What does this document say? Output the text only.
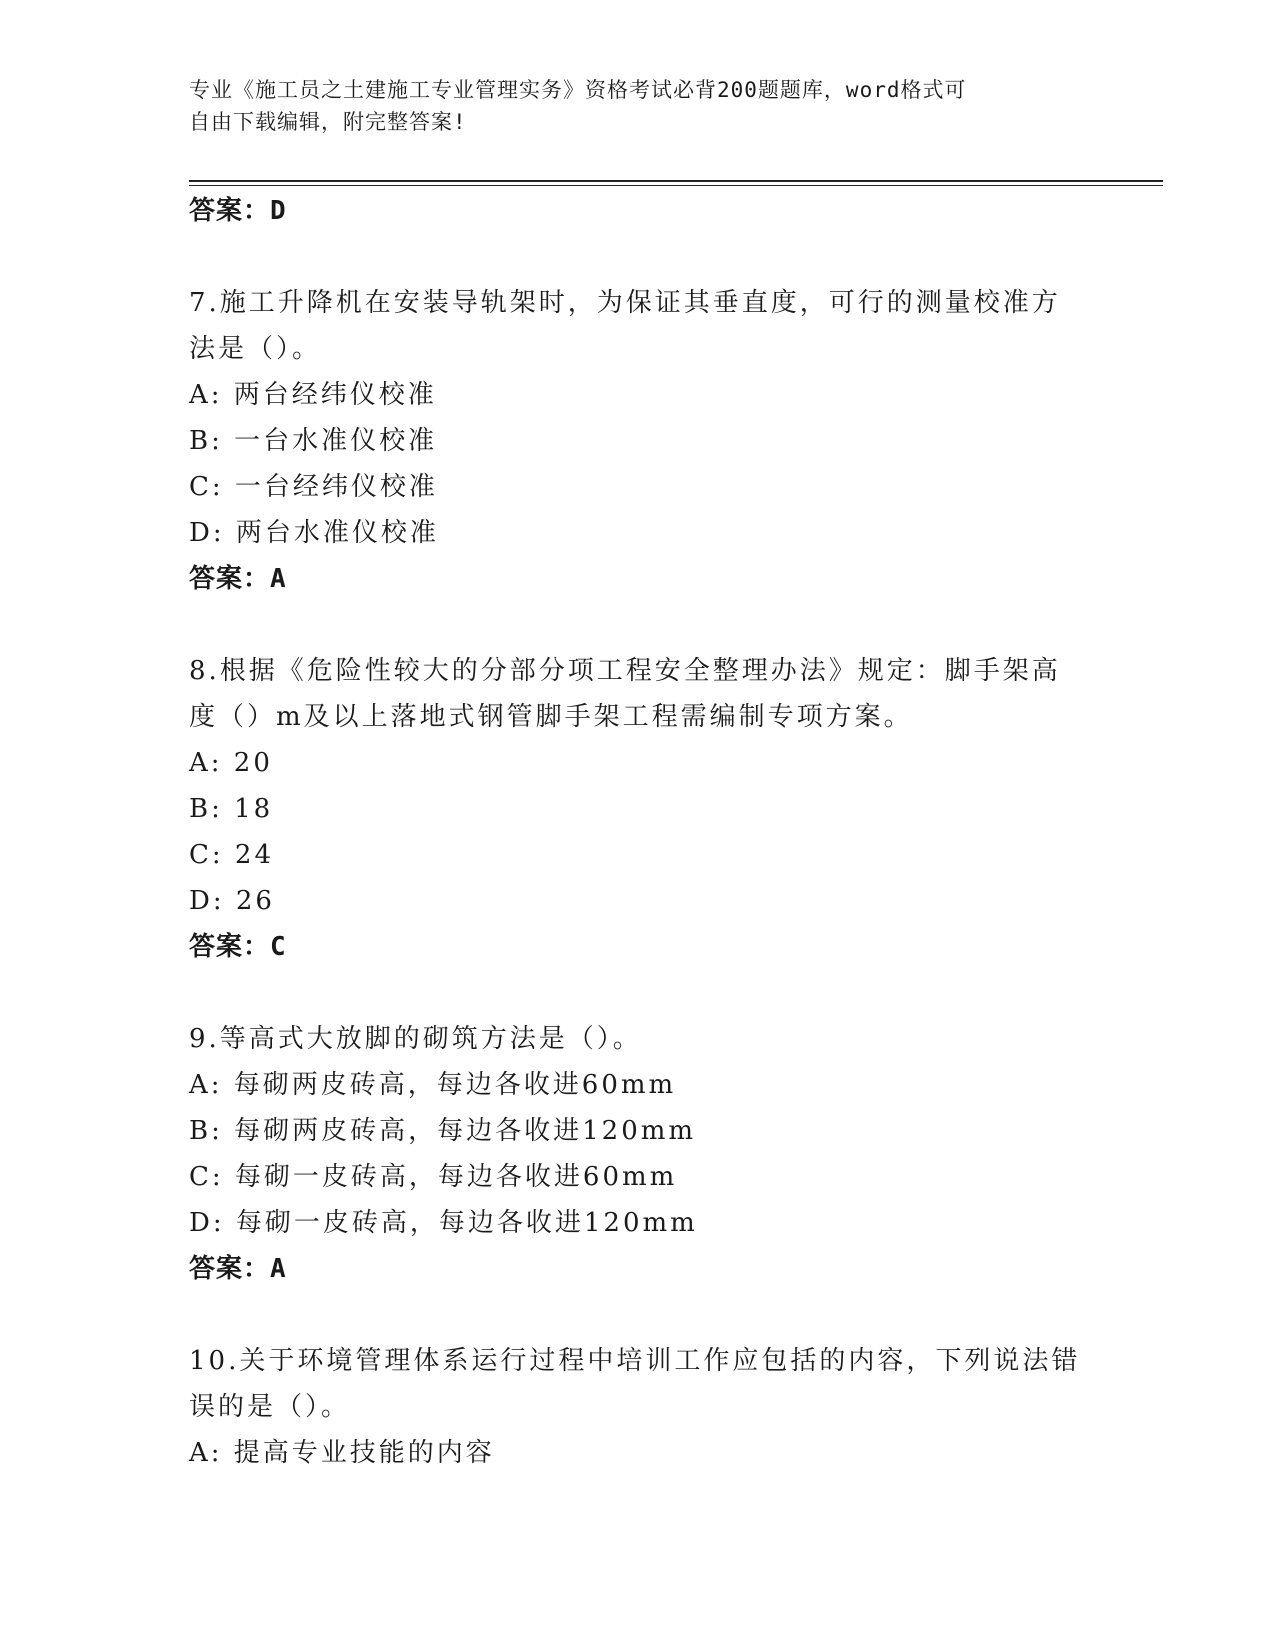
专业《施工员之土建施工专业管理实务》资格考试必背200题题库，word格式可
自由下载编辑，附完整答案!
答案：D
7.施工升降机在安装导轨架时，为保证其垂直度，可行的测量校准方
法是（）。
A: 两台经纬仪校准
B: 一台水准仪校准
C: 一台经纬仪校准
D: 两台水准仪校准
答案：A
8.根据《危险性较大的分部分项工程安全整理办法》规定：脚手架高
度（）m及以上落地式钢管脚手架工程需编制专项方案。
A: 20
B: 18
C: 24
D: 26
答案：C
9.等高式大放脚的砌筑方法是（）。
A: 每砌两皮砖高，每边各收进60mm
B: 每砌两皮砖高，每边各收进120mm
C: 每砌一皮砖高，每边各收进60mm
D: 每砌一皮砖高，每边各收进120mm
答案：A
10.关于环境管理体系运行过程中培训工作应包括的内容，下列说法错
误的是（）。
A: 提高专业技能的内容
